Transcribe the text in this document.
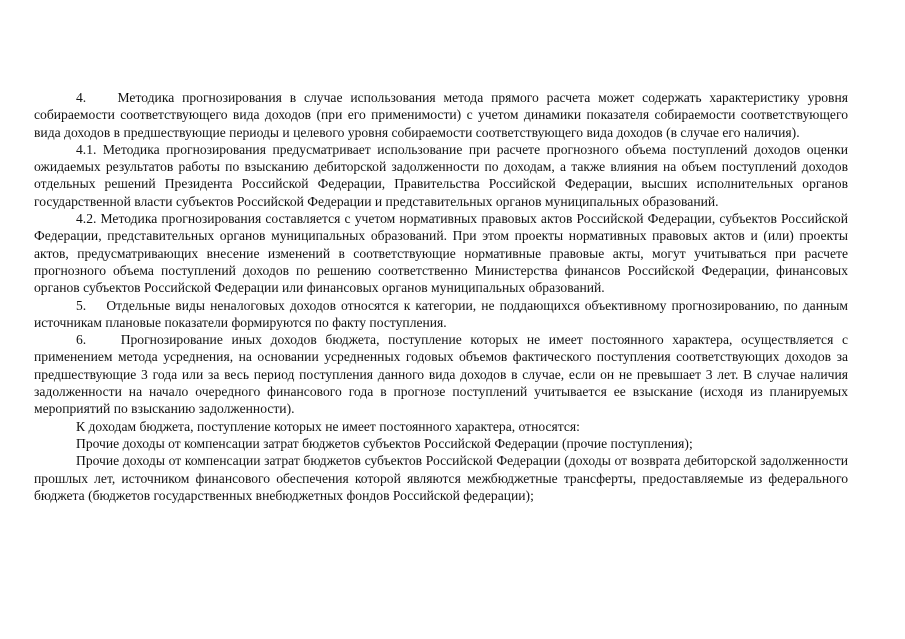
4.    Методика прогнозирования в случае использования метода прямого расчета может содержать характеристику уровня собираемости соответствующего вида доходов (при его применимости) с учетом динамики показателя собираемости соответствующего вида доходов в предшествующие периоды и целевого уровня собираемости соответствующего вида доходов (в случае его наличия).

4.1. Методика прогнозирования предусматривает использование при расчете прогнозного объема поступлений доходов оценки ожидаемых результатов работы по взысканию дебиторской задолженности по доходам, а также влияния на объем поступлений доходов отдельных решений Президента Российской Федерации, Правительства Российской Федерации, высших исполнительных органов государственной власти субъектов Российской Федерации и представительных органов муниципальных образований.

4.2. Методика прогнозирования составляется с учетом нормативных правовых актов Российской Федерации, субъектов Российской Федерации, представительных органов муниципальных образований. При этом проекты нормативных правовых актов и (или) проекты актов, предусматривающих внесение изменений в соответствующие нормативные правовые акты, могут учитываться при расчете прогнозного объема поступлений доходов по решению соответственно Министерства финансов Российской Федерации, финансовых органов субъектов Российской Федерации или финансовых органов муниципальных образований.

5.    Отдельные виды неналоговых доходов относятся к категории, не поддающихся объективному прогнозированию, по данным источникам плановые показатели формируются по факту поступления.

6.    Прогнозирование иных доходов бюджета, поступление которых не имеет постоянного характера, осуществляется с применением метода усреднения, на основании усредненных годовых объемов фактического поступления соответствующих доходов за предшествующие 3 года или за весь период поступления данного вида доходов в случае, если он не превышает 3 лет. В случае наличия задолженности на начало очередного финансового года в прогнозе поступлений учитывается ее взыскание (исходя из планируемых мероприятий по взысканию задолженности).

К доходам бюджета, поступление которых не имеет постоянного характера, относятся:

Прочие доходы от компенсации затрат бюджетов субъектов Российской Федерации (прочие поступления);

Прочие доходы от компенсации затрат бюджетов субъектов Российской Федерации (доходы от возврата дебиторской задолженности прошлых лет, источником финансового обеспечения которой являются межбюджетные трансферты, предоставляемые из федерального бюджета (бюджетов государственных внебюджетных фондов Российской федерации);
